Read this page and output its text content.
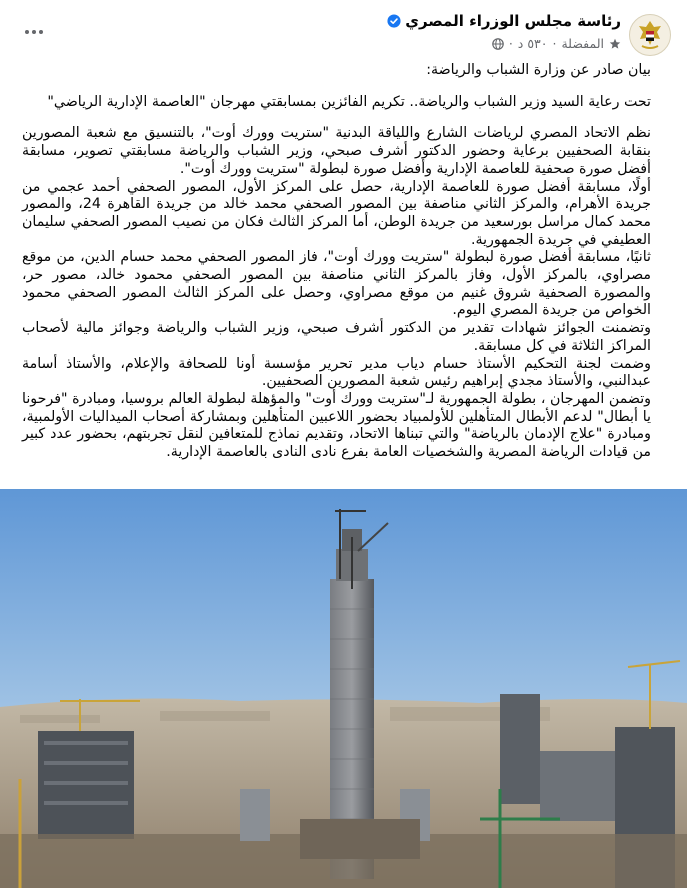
رئاسة مجلس الوزراء المصري
المفضلة
·
٥٣٠ د
·

بيان صادر عن وزارة الشباب والرياضة:

تحت رعاية السيد وزير الشباب والرياضة.. تكريم الفائزين بمسابقتي مهرجان "العاصمة الإدارية الرياضي"

نظم الاتحاد المصري لرياضات الشارع واللياقة البدنية "ستريت وورك أوت"، بالتنسيق مع شعبة المصورين بنقابة الصحفيين برعاية وحضور الدكتور أشرف صبحي، وزير الشباب والرياضة مسابقتي تصوير، مسابقة أفضل صورة صحفية للعاصمة الإدارية وأفضل صورة لبطولة "ستريت وورك أوت".

أولًا، مسابقة أفضل صورة للعاصمة الإدارية، حصل على المركز الأول، المصور الصحفي أحمد عجمي من جريدة الأهرام، والمركز الثاني مناصفة بين المصور الصحفي محمد خالد من جريدة القاهرة 24، والمصور محمد كمال مراسل بورسعيد من جريدة الوطن، أما المركز الثالث فكان من نصيب المصور الصحفي سليمان العطيفي في جريدة الجمهورية.

ثانيًا، مسابقة أفضل صورة لبطولة "ستريت وورك أوت"، فاز المصور الصحفي محمد حسام الدين، من موقع مصراوي، بالمركز الأول، وفاز بالمركز الثاني مناصفة بين المصور الصحفي محمود خالد، مصور حر، والمصورة الصحفية شروق غنيم من موقع مصراوي، وحصل على المركز الثالث المصور الصحفي محمود الخواص من جريدة المصري اليوم.

وتضمنت الجوائز شهادات تقدير من الدكتور أشرف صبحي، وزير الشباب والرياضة وجوائز مالية لأصحاب المراكز الثلاثة في كل مسابقة.

وضمت لجنة التحكيم الأستاذ حسام دياب مدير تحرير مؤسسة أونا للصحافة والإعلام، والأستاذ أسامة عبدالنبي، والأستاذ مجدي إبراهيم رئيس شعبة المصورين الصحفيين.

وتضمن المهرجان ، بطولة الجمهورية لـ"ستريت وورك أوت" والمؤهلة لبطولة العالم بروسيا، ومبادرة "فرحونا يا أبطال" لدعم الأبطال المتأهلين للأولمبياد بحضور اللاعبين المتأهلين وبمشاركة أصحاب الميداليات الأولمبية، ومبادرة "علاج الإدمان بالرياضة" والتي تبناها الاتحاد، وتقديم نماذج للمتعافين لنقل تجربتهم، بحضور عدد كبير من قيادات الرياضة المصرية والشخصيات العامة بفرع نادى النادى بالعاصمة الإدارية.
